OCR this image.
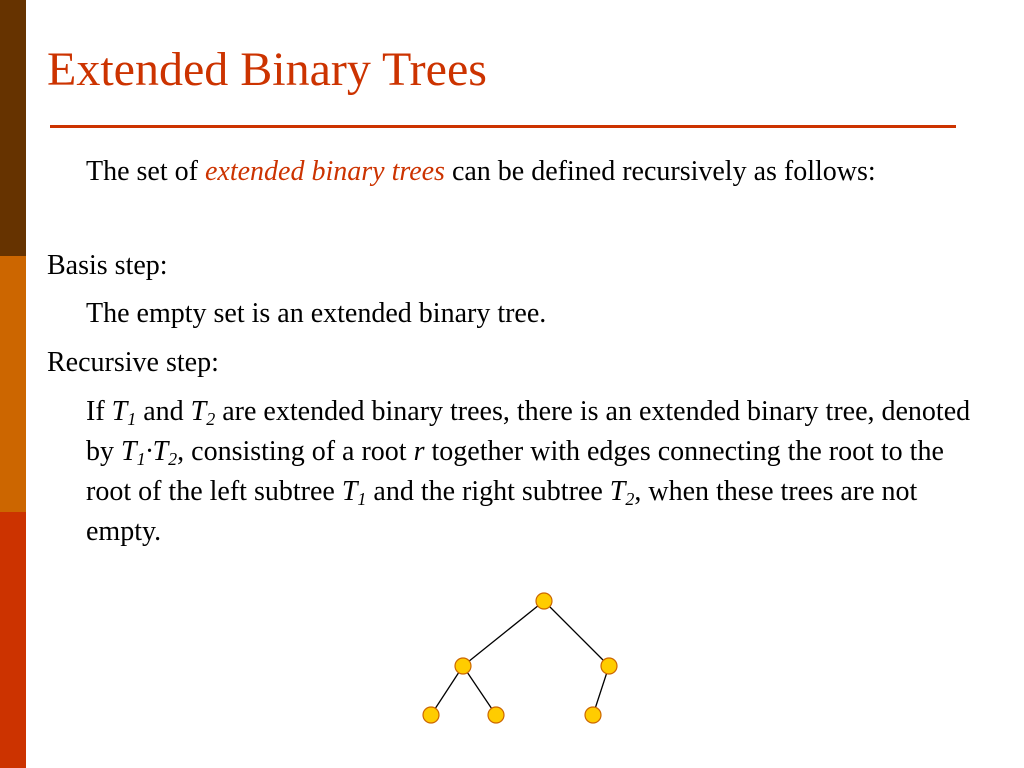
Extended Binary Trees

The set of extended binary trees can be defined recursively as follows:

Basis step:

The empty set is an extended binary tree.

Recursive step:

If $T_1$ and $T_2$ are extended binary trees, there is an extended binary tree, denoted by $T_1\cdot T_2$, consisting of a root r together with edges connecting the root to the root of the left subtree $T_1$ and the right subtree $T_2$, when these trees are not empty.
